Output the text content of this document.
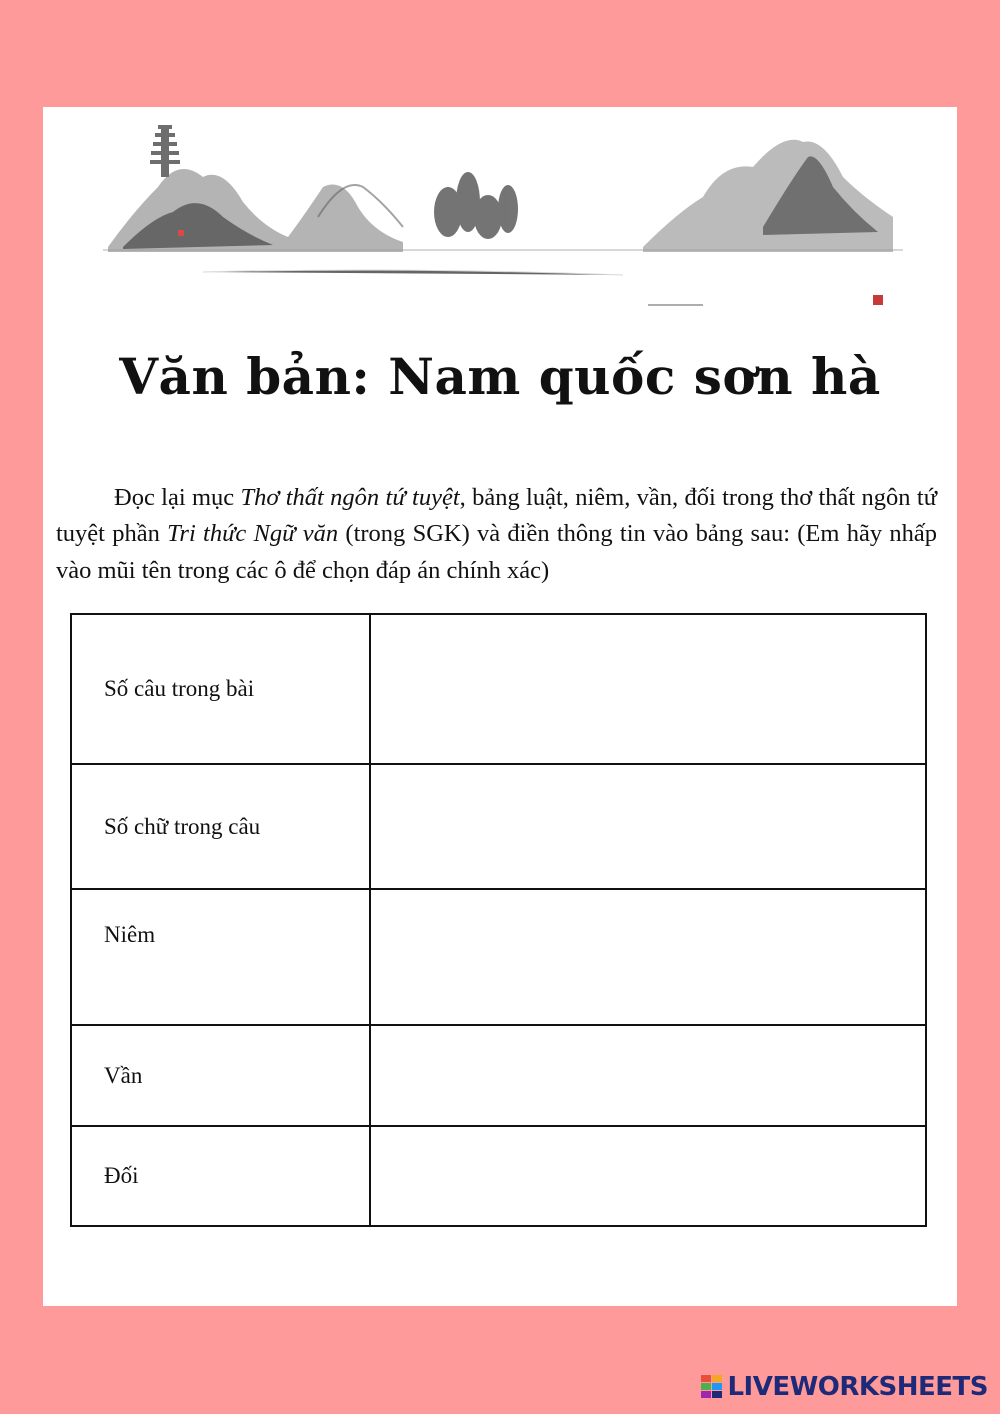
Văn bản: Nam quốc sơn hà

Đọc lại mục Thơ thất ngôn tứ tuyệt, bảng luật, niêm, vần, đối trong thơ thất ngôn tứ tuyệt phần Tri thức Ngữ văn (trong SGK) và điền thông tin vào bảng sau: (Em hãy nhấp vào mũi tên trong các ô để chọn đáp án chính xác)

Số câu trong bài	
Số chữ trong câu	
Niêm	
Vần	
Đối	
LIVEWORKSHEETS
